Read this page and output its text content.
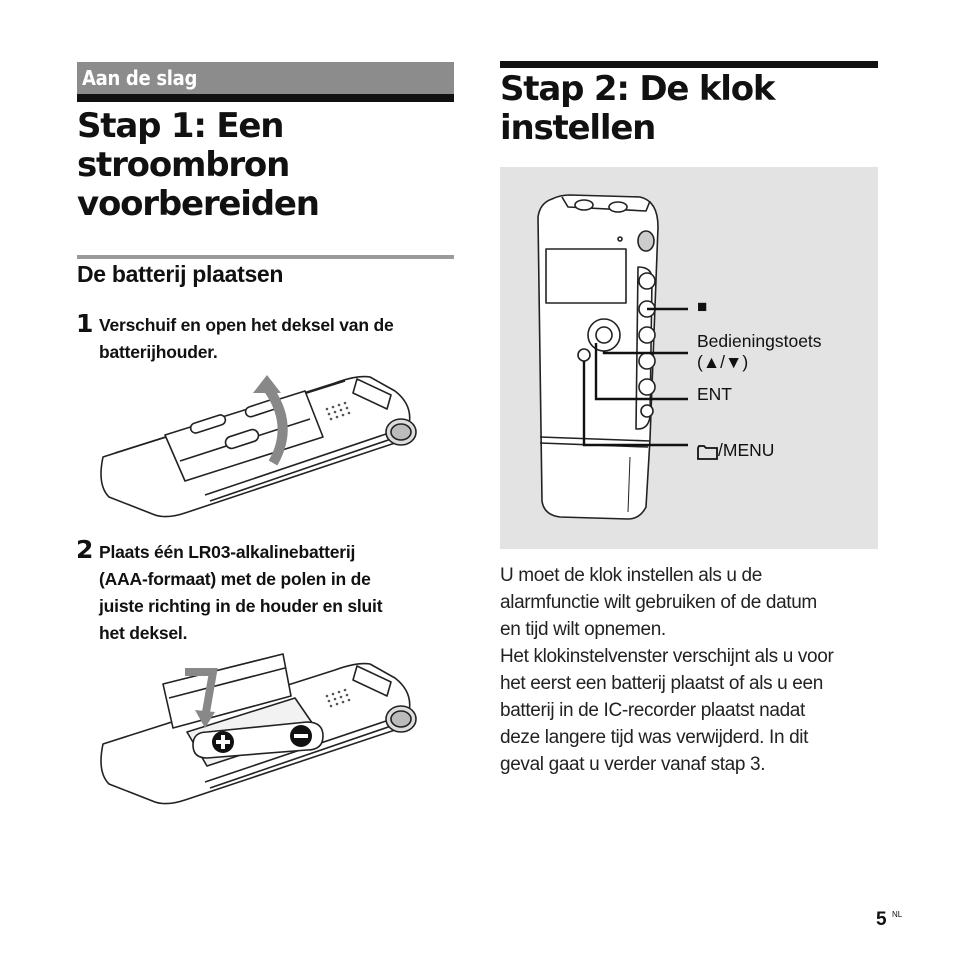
Aan de slag
Stap 1: Een
stroombron
voorbereiden
De batterij plaatsen
1 Verschuif en open het deksel van de
batterijhouder.
2 Plaats één LR03-alkalinebatterij
(AAA-formaat) met de polen in de
juiste richting in de houder en sluit
het deksel.
Stap 2: De klok
instellen
■
Bedieningstoets
(▲/▼)
ENT
/MENU

U moet de klok instellen als u de
alarmfunctie wilt gebruiken of de datum
en tijd wilt opnemen.

Het klokinstelvenster verschijnt als u voor
het eerst een batterij plaatst of als u een
batterij in de IC-recorder plaatst nadat
deze langere tijd was verwijderd. In dit
geval gaat u verder vanaf stap 3.

5 NL
